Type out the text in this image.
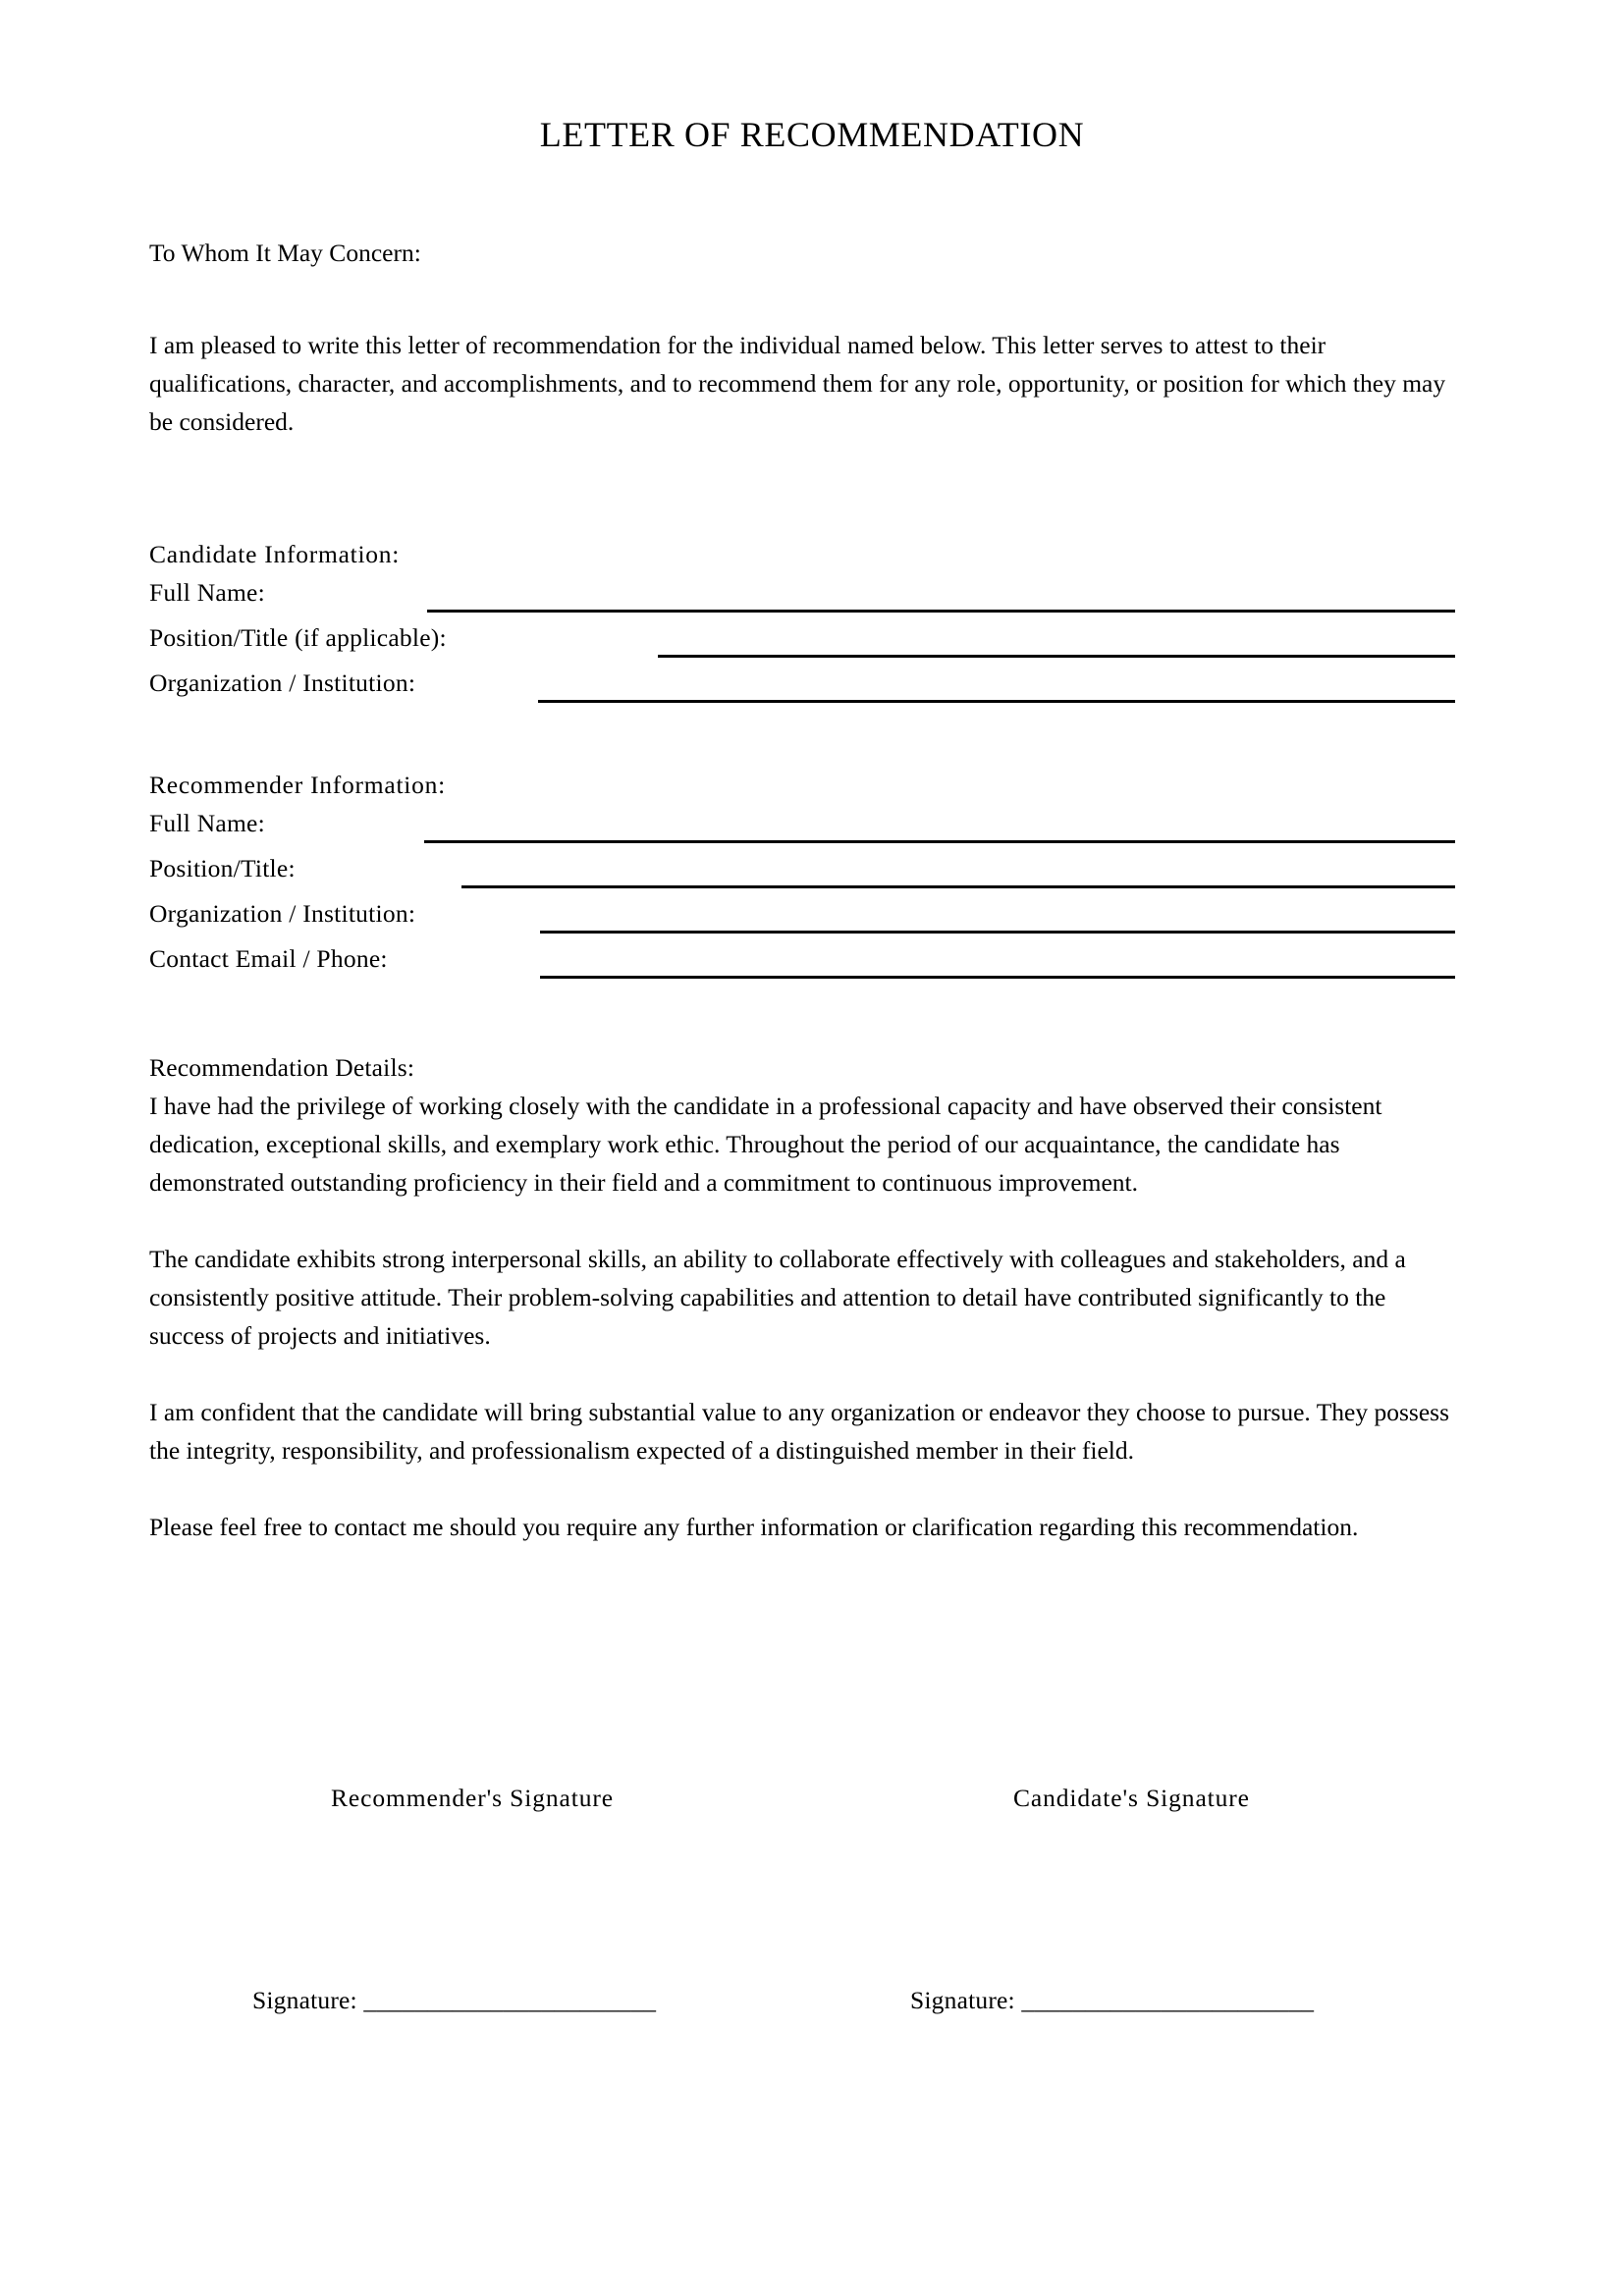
LETTER OF RECOMMENDATION
To Whom It May Concern:

I am pleased to write this letter of recommendation for the individual named below. This letter serves to attest to their qualifications, character, and accomplishments, and to recommend them for any role, opportunity, or position for which they may be considered.

Candidate Information:
Full Name:
Position/Title (if applicable):
Organization / Institution:
Recommender Information:
Full Name:
Position/Title:
Organization / Institution:
Contact Email / Phone:
Recommendation Details:

I have had the privilege of working closely with the candidate in a professional capacity and have observed their consistent dedication, exceptional skills, and exemplary work ethic. Throughout the period of our acquaintance, the candidate has demonstrated outstanding proficiency in their field and a commitment to continuous improvement.

The candidate exhibits strong interpersonal skills, an ability to collaborate effectively with colleagues and stakeholders, and a consistently positive attitude. Their problem-solving capabilities and attention to detail have contributed significantly to the success of projects and initiatives.

I am confident that the candidate will bring substantial value to any organization or endeavor they choose to pursue. They possess the integrity, responsibility, and professionalism expected of a distinguished member in their field.

Please feel free to contact me should you require any further information or clarification regarding this recommendation.

Recommender's Signature	Candidate's Signature
Signature: _______________________	Signature: _______________________
